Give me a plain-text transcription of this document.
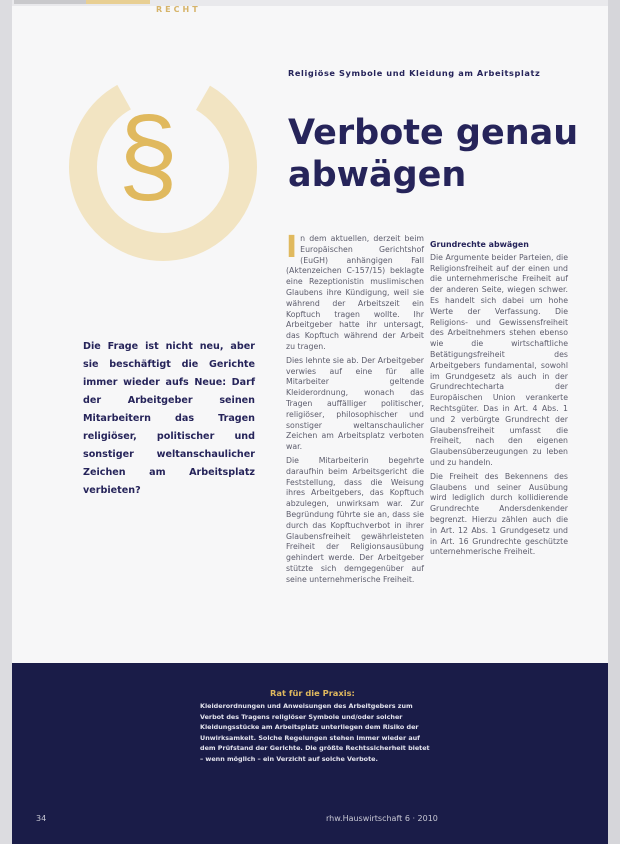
RECHT
§
Religiöse Symbole und Kleidung am Arbeitsplatz
Verbote genau abwägen
Die Frage ist nicht neu, aber sie beschäftigt die Gerichte immer wieder aufs Neue: Darf der Arbeitgeber seinen Mitarbeitern das Tragen religiöser, politischer und sonstiger weltanschaulicher Zeichen am Arbeitsplatz verbieten?
I n dem aktuellen, derzeit beim Europäischen Gerichtshof (EuGH) anhängigen Fall (Aktenzeichen C-157/15) beklagte eine Rezeptionistin muslimischen Glaubens ihre Kündigung, weil sie während der Arbeitszeit ein Kopftuch tragen wollte. Ihr Arbeitgeber hatte ihr untersagt, das Kopftuch während der Arbeit zu tragen.

Dies lehnte sie ab. Der Arbeitgeber verwies auf eine für alle Mitarbeiter geltende Kleiderordnung, wonach das Tragen auffälliger politischer, religiöser, philosophischer und sonstiger weltanschaulicher Zeichen am Arbeitsplatz verboten war.

Die Mitarbeiterin begehrte daraufhin beim Arbeitsgericht die Feststellung, dass die Weisung ihres Arbeitgebers, das Kopftuch abzulegen, unwirksam war. Zur Begründung führte sie an, dass sie durch das Kopftuchverbot in ihrer Glaubensfreiheit gewährleisteten Freiheit der Religionsausübung gehindert werde. Der Arbeitgeber stützte sich demgegenüber auf seine unternehmerische Freiheit.

Grundrechte abwägen

Die Argumente beider Parteien, die Religionsfreiheit auf der einen und die unternehmerische Freiheit auf der anderen Seite, wiegen schwer. Es handelt sich dabei um hohe Werte der Verfassung. Die Religions- und Gewissensfreiheit des Arbeitnehmers stehen ebenso wie die wirtschaftliche Betätigungsfreiheit des Arbeitgebers fundamental, sowohl im Grundgesetz als auch in der Grundrechtecharta der Europäischen Union verankerte Rechtsgüter. Das in Art. 4 Abs. 1 und 2 verbürgte Grundrecht der Glaubensfreiheit umfasst die Freiheit, nach den eigenen Glaubensüberzeugungen zu leben und zu handeln.

Die Freiheit des Bekennens des Glaubens und seiner Ausübung wird lediglich durch kollidierende Grundrechte Andersdenkender begrenzt. Hierzu zählen auch die in Art. 12 Abs. 1 Grundgesetz und in Art. 16 Grundrechte geschützte unternehmerische Freiheit.

Rat für die Praxis:
Kleiderordnungen und Anweisungen des Arbeitgebers zum Verbot des Tragens religiöser Symbole und/oder solcher Kleidungsstücke am Arbeitsplatz unterliegen dem Risiko der Unwirksamkeit. Solche Regelungen stehen immer wieder auf dem Prüfstand der Gerichte. Die größte Rechtssicherheit bietet – wenn möglich – ein Verzicht auf solche Verbote.
34	rhw.Hauswirtschaft 6 · 2010
